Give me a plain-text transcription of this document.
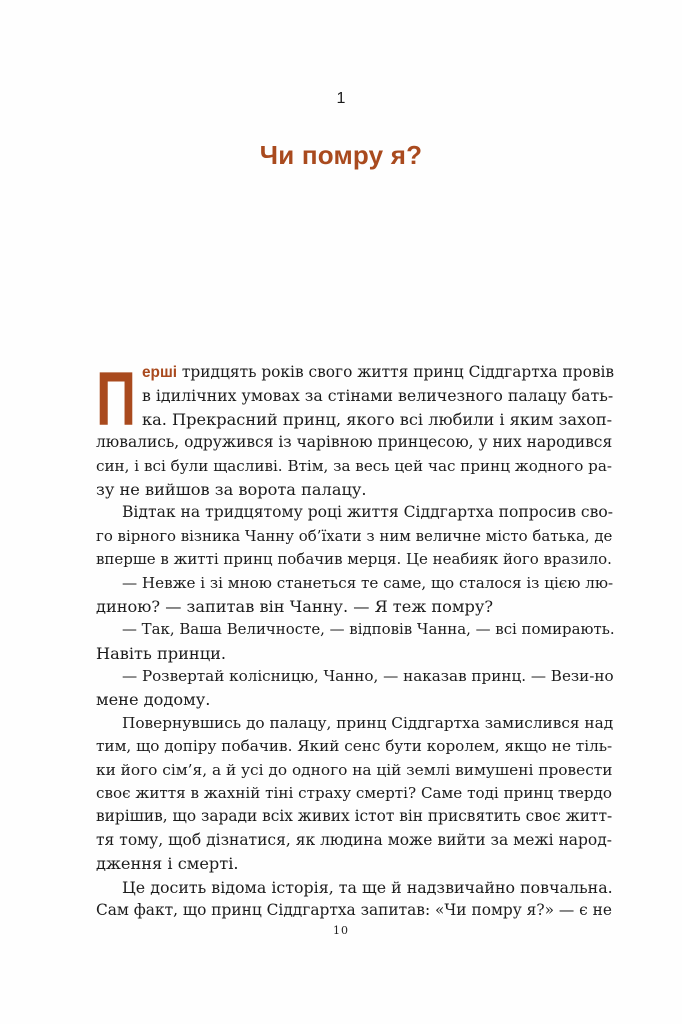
1
Чи помру я?
П ерші тридцять років свого життя принц Сіддгартха провів
в ідилічних умовах за стінами величезного палацу бать-
ка. Прекрасний принц, якого всі любили і яким захоп-
лювались, одружився із чарівною принцесою, у них народився
син, і всі були щасливі. Втім, за весь цей час принц жодного ра-
зу не вийшов за ворота палацу.
Відтак на тридцятому році життя Сіддгартха попросив сво-
го вірного візника Чанну об’їхати з ним величне місто батька, де
вперше в житті принц побачив мерця. Це неабияк його вразило.
— Невже і зі мною станеться те саме, що сталося із цією лю-
диною? — запитав він Чанну. — Я теж помру?
— Так, Ваша Величносте, — відповів Чанна, — всі помирають.
Навіть принци.
— Розвертай колісницю, Чанно, — наказав принц. — Вези-но
мене додому.
Повернувшись до палацу, принц Сіддгартха замислився над
тим, що допіру побачив. Який сенс бути королем, якщо не тіль-
ки його сім’я, а й усі до одного на цій землі вимушені провести
своє життя в жахній тіні страху смерті? Саме тоді принц твердо
вирішив, що заради всіх живих істот він присвятить своє житт-
тя тому, щоб дізнатися, як людина може вийти за межі народ-
дження і смерті.
Це досить відома історія, та ще й надзвичайно повчальна.
Сам факт, що принц Сіддгартха запитав: «Чи помру я?» — є не
10
